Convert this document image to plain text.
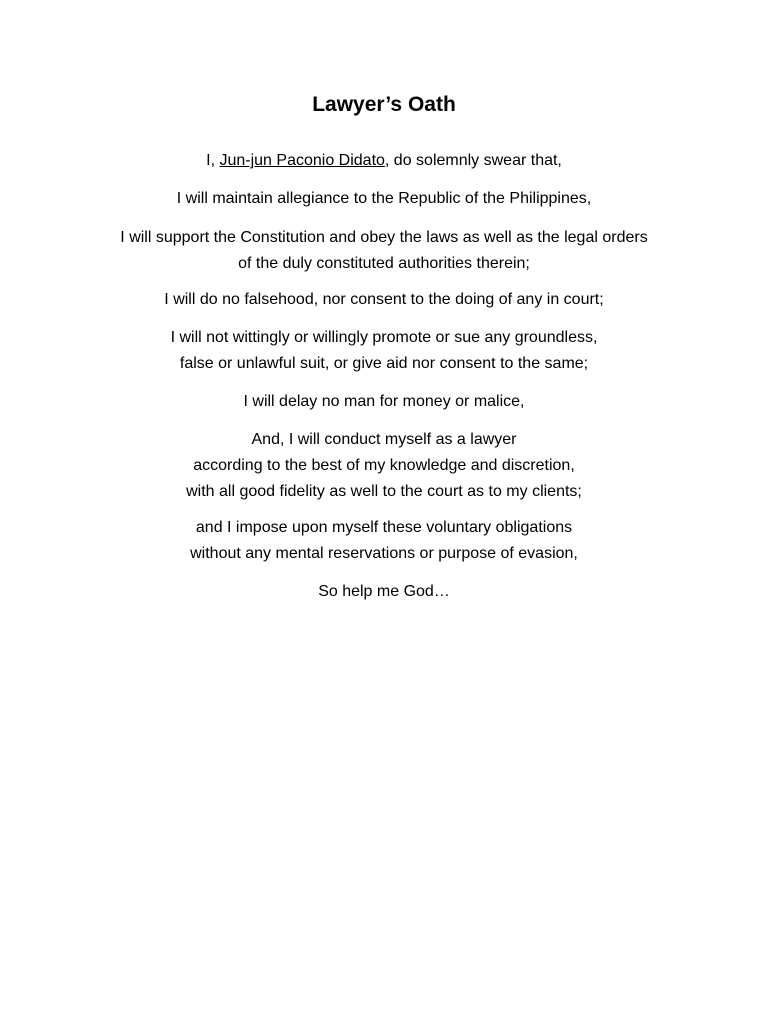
Lawyer’s Oath

I, Jun-jun Paconio Didato, do solemnly swear that,

I will maintain allegiance to the Republic of the Philippines,

I will support the Constitution and obey the laws as well as the legal orders
of the duly constituted authorities therein;

I will do no falsehood, nor consent to the doing of any in court;

I will not wittingly or willingly promote or sue any groundless,
false or unlawful suit, or give aid nor consent to the same;

I will delay no man for money or malice,

And, I will conduct myself as a lawyer
according to the best of my knowledge and discretion,
with all good fidelity as well to the court as to my clients;

and I impose upon myself these voluntary obligations
without any mental reservations or purpose of evasion,

So help me God…
